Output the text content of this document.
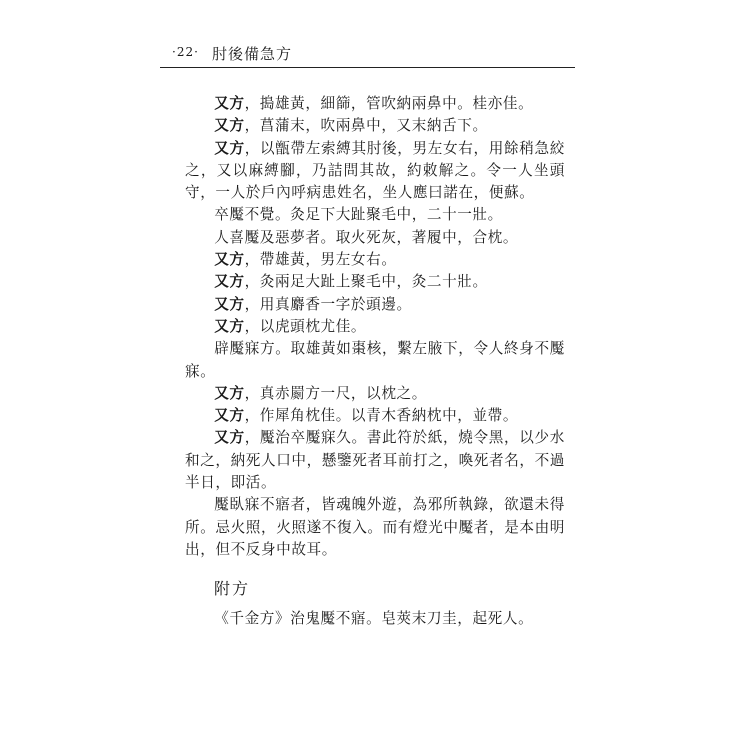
·22· 肘後備急方

又方，搗雄黃，細篩，管吹納兩鼻中。桂亦佳。

又方，菖蒲末，吹兩鼻中，又末納舌下。

又方，以甑帶左索縛其肘後，男左女右，用餘稍急絞之，又以麻縛腳，乃詰問其故，約敕解之。令一人坐頭守，一人於戶內呼病患姓名，坐人應曰諾在，便蘇。

卒魘不覺。灸足下大趾聚毛中，二十一壯。

人喜魘及惡夢者。取火死灰，著履中，合枕。

又方，帶雄黃，男左女右。

又方，灸兩足大趾上聚毛中，灸二十壯。

又方，用真麝香一字於頭邊。

又方，以虎頭枕尤佳。

辟魘寐方。取雄黃如棗核，繫左腋下，令人終身不魘寐。

又方，真赤罽方一尺，以枕之。

又方，作犀角枕佳。以青木香納枕中，並帶。

又方，魘治卒魘寐久。書此符於紙，燒令黑，以少水和之，納死人口中，懸鑒死者耳前打之，喚死者名，不過半日，即活。

魘臥寐不寤者，皆魂魄外遊，為邪所執錄，欲還未得所。忌火照，火照遂不復入。而有燈光中魘者，是本由明出，但不反身中故耳。

附方

《千金方》治鬼魘不寤。皂莢末刀圭，起死人。
